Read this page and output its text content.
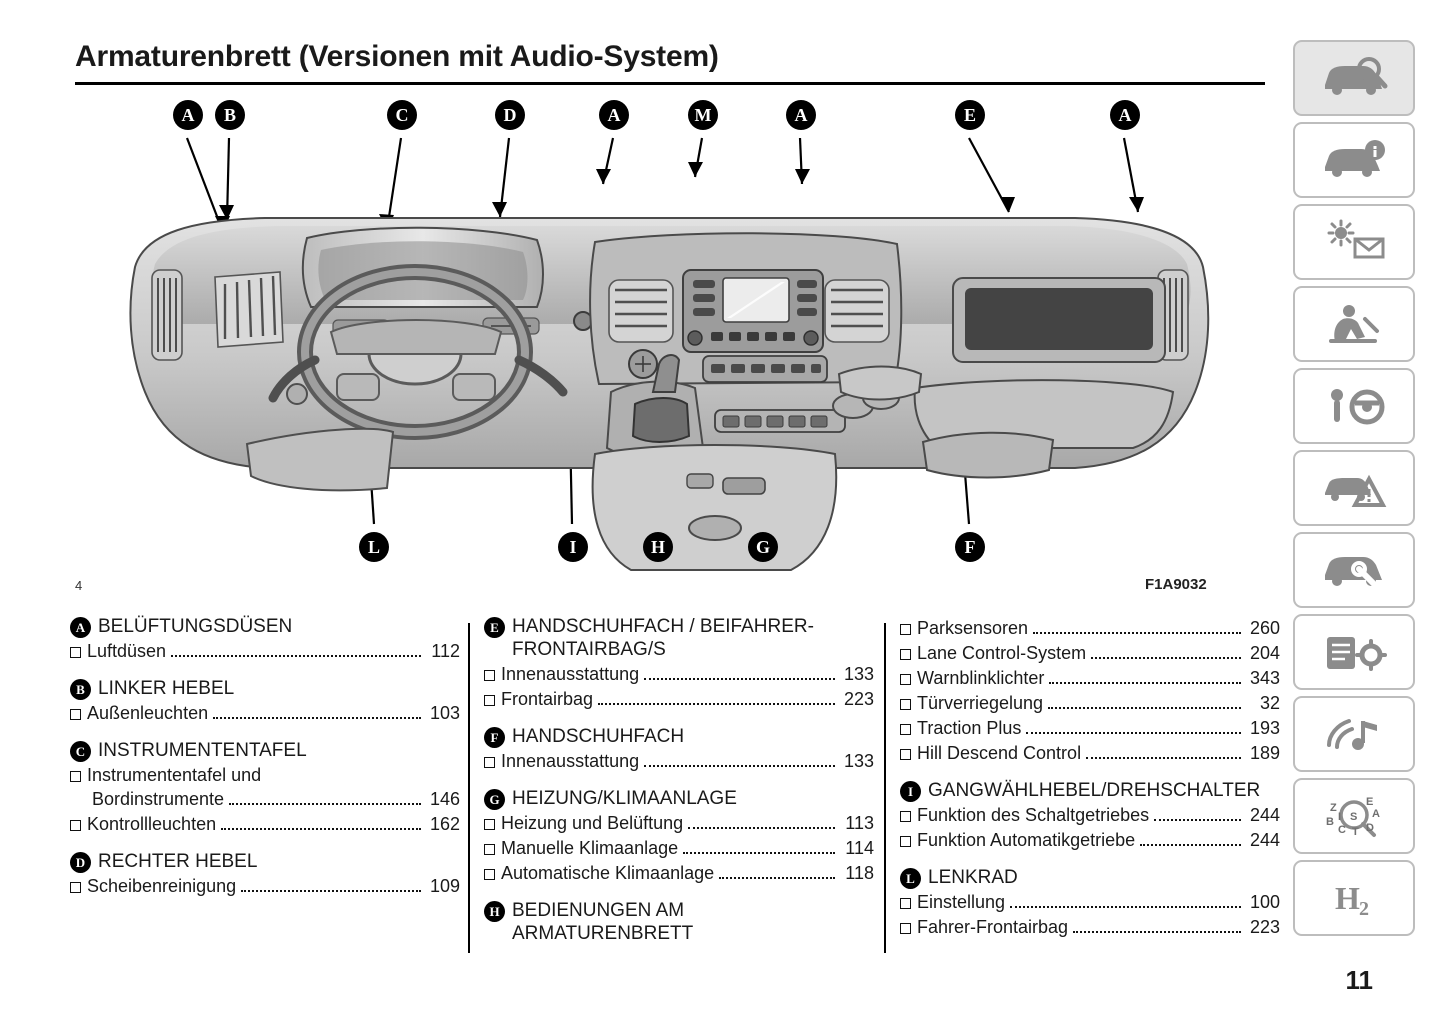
Armaturenbrett (Versionen mit Audio-System)
A	B	C	D	A	M	A	E	A
L	I	H	G	F
4	F1A9032
A BELÜFTUNGSDÜSEN
Luftdüsen	112
B LINKER HEBEL
Außenleuchten	103
C INSTRUMENTENTAFEL
Instrumententafel und
Bordinstrumente	146
Kontrollleuchten	162
D RECHTER HEBEL
Scheibenreinigung	109
E HANDSCHUHFACH / BEIFAHRER-
FRONTAIRBAG/S
Innenausstattung	133
Frontairbag	223
F HANDSCHUHFACH
Innenausstattung	133
G HEIZUNG/KLIMAANLAGE
Heizung und Belüftung	113
Manuelle Klimaanlage	114
Automatische Klimaanlage	118
H BEDIENUNGEN AM
ARMATURENBRETT
Parksensoren	260
Lane Control-System	204
Warnblinklichter	343
Türverriegelung	32
Traction Plus	193
Hill Descend Control	189
I GANGWÄHLHEBEL/DREHSCHALTER
Funktion des Schaltgetriebes	244
Funktion Automatikgetriebe	244
L LENKRAD
Einstellung	100
Fahrer-Frontairbag	223
Z
B
C T D
A
E
S
I
H 2
11
